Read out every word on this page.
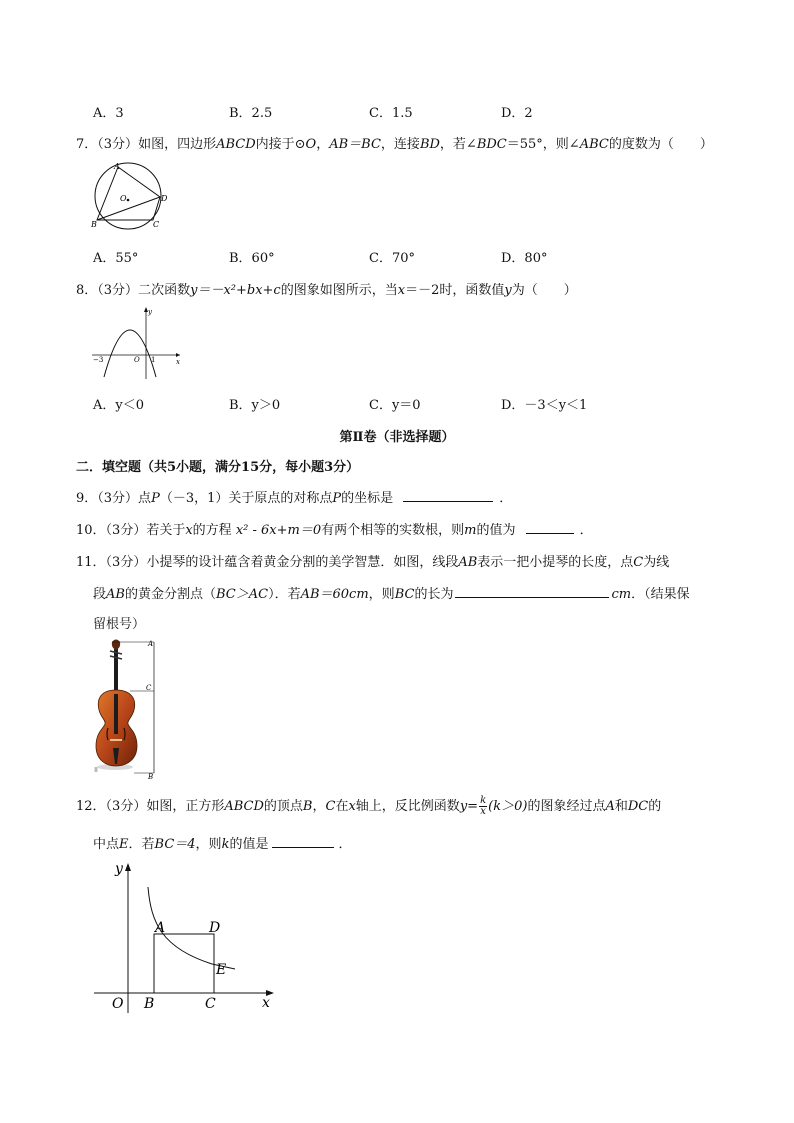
A．3	B．2.5	C．1.5	D．2
7．（3分）如图，四边形ABCD内接于⊙O，AB＝BC，连接BD，若∠BDC＝55°，则∠ABC的度数为（　　）
A
B	C
D
O
A．55°	B．60°	C．70°	D．80°
8．（3分）二次函数y＝－x²+bx+c的图象如图所示，当x＝－2时，函数值y为（　　）
y
x
−3	O 1
A．y＜0	B．y＞0	C．y＝0	D．－3＜y＜1
第Ⅱ卷（非选择题）
二．填空题（共5小题，满分15分，每小题3分）
9．（3分）点P（－3，1）关于原点的对称点P的坐标是	．
10．（3分）若关于x的方程 x² - 6x+m＝0有两个相等的实数根，则m的值为	．
11．（3分）小提琴的设计蕴含着黄金分割的美学智慧．如图，线段AB表示一把小提琴的长度，点C为线
段AB的黄金分割点（BC＞AC）．若AB＝60cm，则BC的长为	cm．（结果保
留根号）
A
C
B
12．（3分）如图，正方形ABCD的顶点B，C在x轴上，反比例函数$y= \frac{k}{x} (k>0)$的图象经过点A和DC的
中点E．若BC＝4，则k的值是	．
y
x
O
A	D
E
B	C
